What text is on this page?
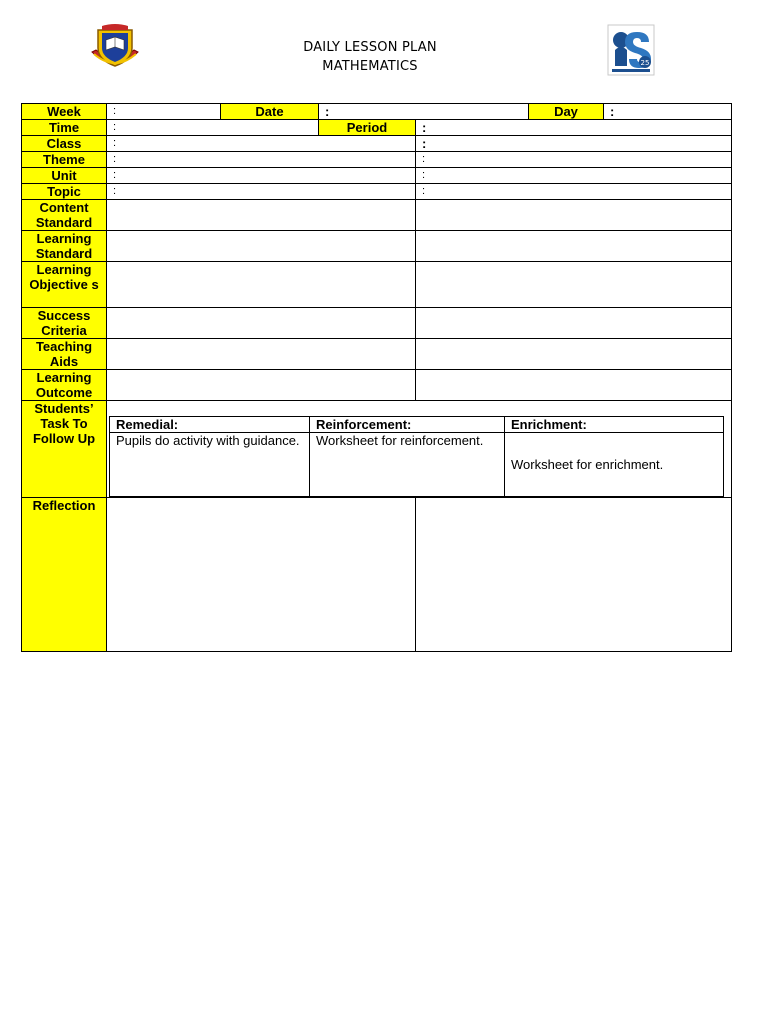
DAILY LESSON PLAN
MATHEMATICS	25
Week	:	Date	:	Day	:
Time	:	Period	:
Class	:	:
Theme	:	:
Unit	:	:
Topic	:	:
Content Standard		
Learning Standard		
Learning Objective s		
Success Criteria		
Teaching Aids		
Learning Outcome		
Students’ Task To Follow Up	
Remedial:	Reinforcement:	Enrichment:
Pupils do activity with guidance.	Worksheet for reinforcement.	Worksheet for enrichment.

Reflection		
